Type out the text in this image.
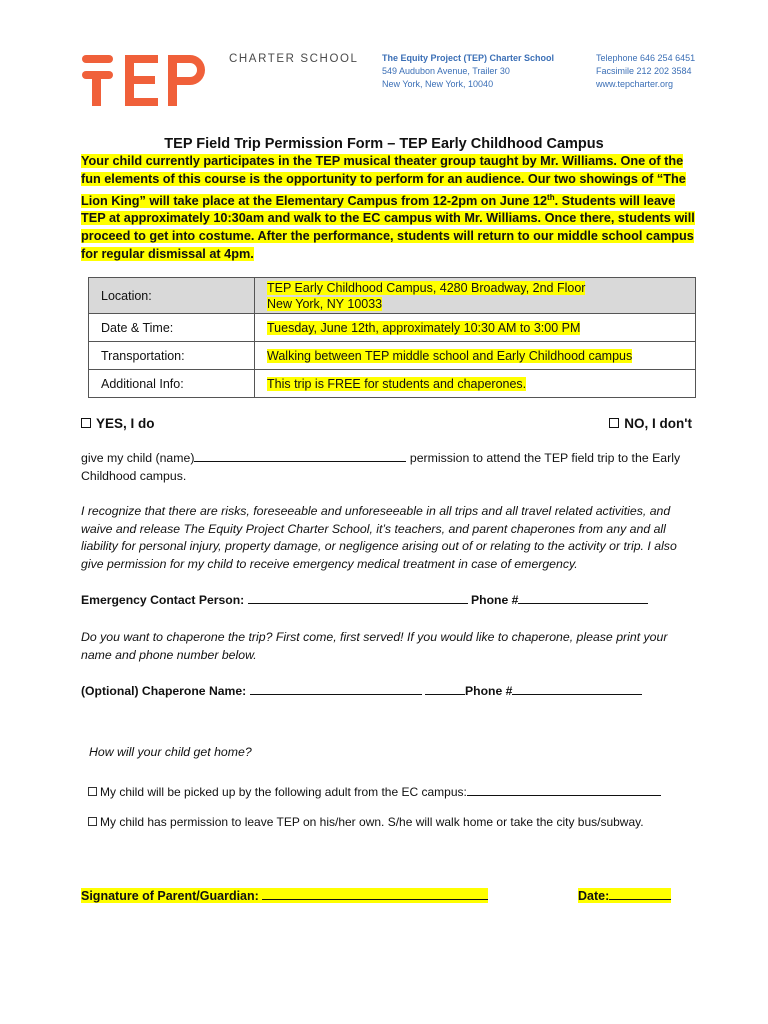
TEP
CHARTER SCHOOL	The Equity Project (TEP) Charter School
549 Audubon Avenue, Trailer 30
New York, New York, 10040
Telephone 646 254 6451
Facsimile 212 202 3584
www.tepcharter.org
TEP Field Trip Permission Form – TEP Early Childhood Campus
Your child currently participates in the TEP musical theater group taught by Mr. Williams. One of the fun elements of this course is the opportunity to perform for an audience. Our two showings of “The Lion King” will take place at the Elementary Campus from 12-2pm on June 12th. Students will leave TEP at approximately 10:30am and walk to the EC campus with Mr. Williams. Once there, students will proceed to get into costume. After the performance, students will return to our middle school campus for regular dismissal at 4pm.
Location:	TEP Early Childhood Campus, 4280 Broadway, 2nd Floor
New York, NY 10033
Date & Time:	Tuesday, June 12th, approximately 10:30 AM to 3:00 PM
Transportation:	Walking between TEP middle school and Early Childhood campus
Additional Info:	This trip is FREE for students and chaperones.
YES, I do	NO, I don't
give my child (name)	permission to attend the TEP field trip to the Early Childhood campus.
I recognize that there are risks, foreseeable and unforeseeable in all trips and all travel related activities, and waive and release The Equity Project Charter School, it’s teachers, and parent chaperones from any and all liability for personal injury, property damage, or negligence arising out of or relating to the activity or trip. I also give permission for my child to receive emergency medical treatment in case of emergency.
Emergency Contact Person:	Phone #
Do you want to chaperone the trip? First come, first served! If you would like to chaperone, please print your name and phone number below.
(Optional) Chaperone Name:	Phone #
How will your child get home?
My child will be picked up by the following adult from the EC campus:
My child has permission to leave TEP on his/her own. S/he will walk home or take the city bus/subway.
Signature of Parent/Guardian:	Date:
